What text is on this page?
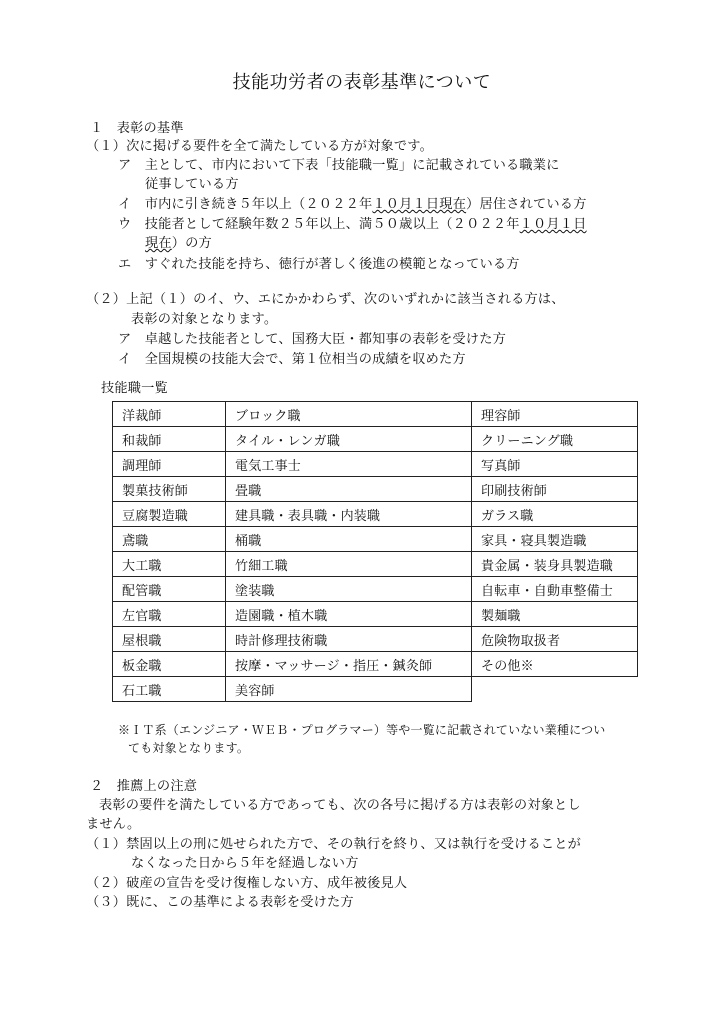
技能功労者の表彰基準について
１　表彰の基準
（１）次に掲げる要件を全て満たしている方が対象です。
ア　主として、市内において下表「技能職一覧」に記載されている職業に
従事している方
イ　市内に引き続き５年以上（２０２２年１０月１日現在）居住されている方
ウ　技能者として経験年数２５年以上、満５０歳以上（２０２２年１０月１日
現在）の方
エ　すぐれた技能を持ち、徳行が著しく後進の模範となっている方
（２）上記（１）のイ、ウ、エにかかわらず、次のいずれかに該当される方は、
表彰の対象となります。
ア　卓越した技能者として、国務大臣・都知事の表彰を受けた方
イ　全国規模の技能大会で、第１位相当の成績を収めた方
技能職一覧
洋裁師	ブロック職	理容師
和裁師	タイル・レンガ職	クリーニング職
調理師	電気工事士	写真師
製菓技術師	畳職	印刷技術師
豆腐製造職	建具職・表具職・内装職	ガラス職
鳶職	桶職	家具・寝具製造職
大工職	竹細工職	貴金属・装身具製造職
配管職	塗装職	自転車・自動車整備士
左官職	造園職・植木職	製麺職
屋根職	時計修理技術職	危険物取扱者
板金職	按摩・マッサージ・指圧・鍼灸師	その他※
石工職	美容師	
※ＩＴ系（エンジニア・ＷＥＢ・プログラマー）等や一覧に記載されていない業種につい
ても対象となります。
２　推薦上の注意
表彰の要件を満たしている方であっても、次の各号に掲げる方は表彰の対象とし
ません。
（１）禁固以上の刑に処せられた方で、その執行を終り、又は執行を受けることが
なくなった日から５年を経過しない方
（２）破産の宣告を受け復権しない方、成年被後見人
（３）既に、この基準による表彰を受けた方
